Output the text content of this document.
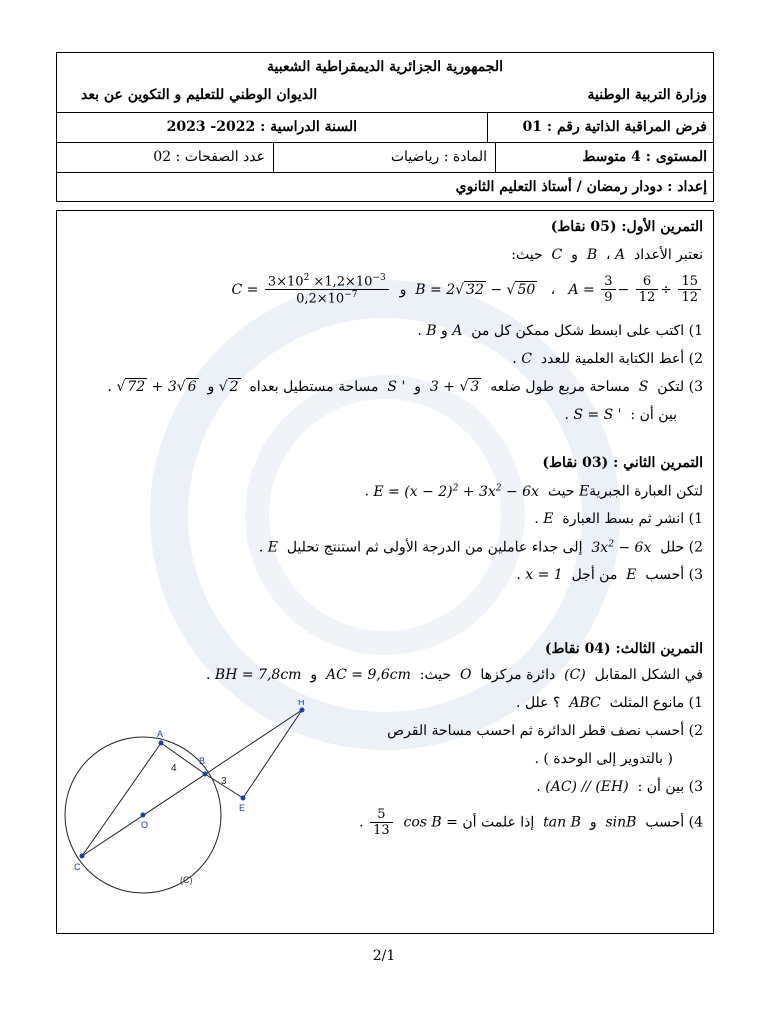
الجمهورية الجزائرية الديمقراطية الشعبية
وزارة التربية الوطنية
الديوان الوطني للتعليم و التكوين عن بعد
فرض المراقبة الذاتية رقم : 01
السنة الدراسية : 2022- 2023
المستوى : 4 متوسط
المادة : رياضيات
عدد الصفحات : 02
إعداد : دودار رمضان / أستاذ التعليم الثانوي
التمرين الأول: (05 نقاط)
نعتبر الأعداد  A ،  B  و  C  حيث:
$C = \frac{3\times 10^2 \times 1,2\times 10^{-3}}{0,2\times 10^{-7}}$ و B = 2√ 32 − √ 50   ،   $A = \frac{3}{9} - \frac{6}{12} \div \frac{15}{12}$
1) اكتب على ابسط شكل ممكن كل من  A و B .
2) أعط الكتابة العلمية للعدد  C .
3) لتكن  S  مساحة مربع طول ضلعه  3 + √ 3  و  S '  مساحة مستطيل بعداه  √ 2 و  √ 72 + 3√ 6 .
بين أن :  S = S ' .
التمرين الثاني : (03 نقاط)
لتكن العبارة الجبريةE حيث  $E = (x - 2)^2 + 3x^2 - 6x$ .
1) انشر ثم بسط العبارة  E .
2) حلل  $3x^2 - 6x$  إلى جداء عاملين من الدرجة الأولى ثم استنتج تحليل  E .
3) أحسب  E  من أجل  x = 1 .
التمرين الثالث: (04 نقاط)
في الشكل المقابل  (C)  دائرة مركزها  O  حيث:  AC = 9,6cm  و  BH = 7,8cm .
1) مانوع المثلث  ABC  ؟ علل .
2) أحسب نصف قطر الدائرة ثم احسب مساحة القرص
( بالتدوير إلى الوحدة ) .
3) بين أن :  (AC) // (EH) .
4) أحسب  sinB  و  tan B  إذا علمت أن  cos B =
$\frac{5}{13}$
.
A
B
C
E
H
O
(C)
4
3
2/1
